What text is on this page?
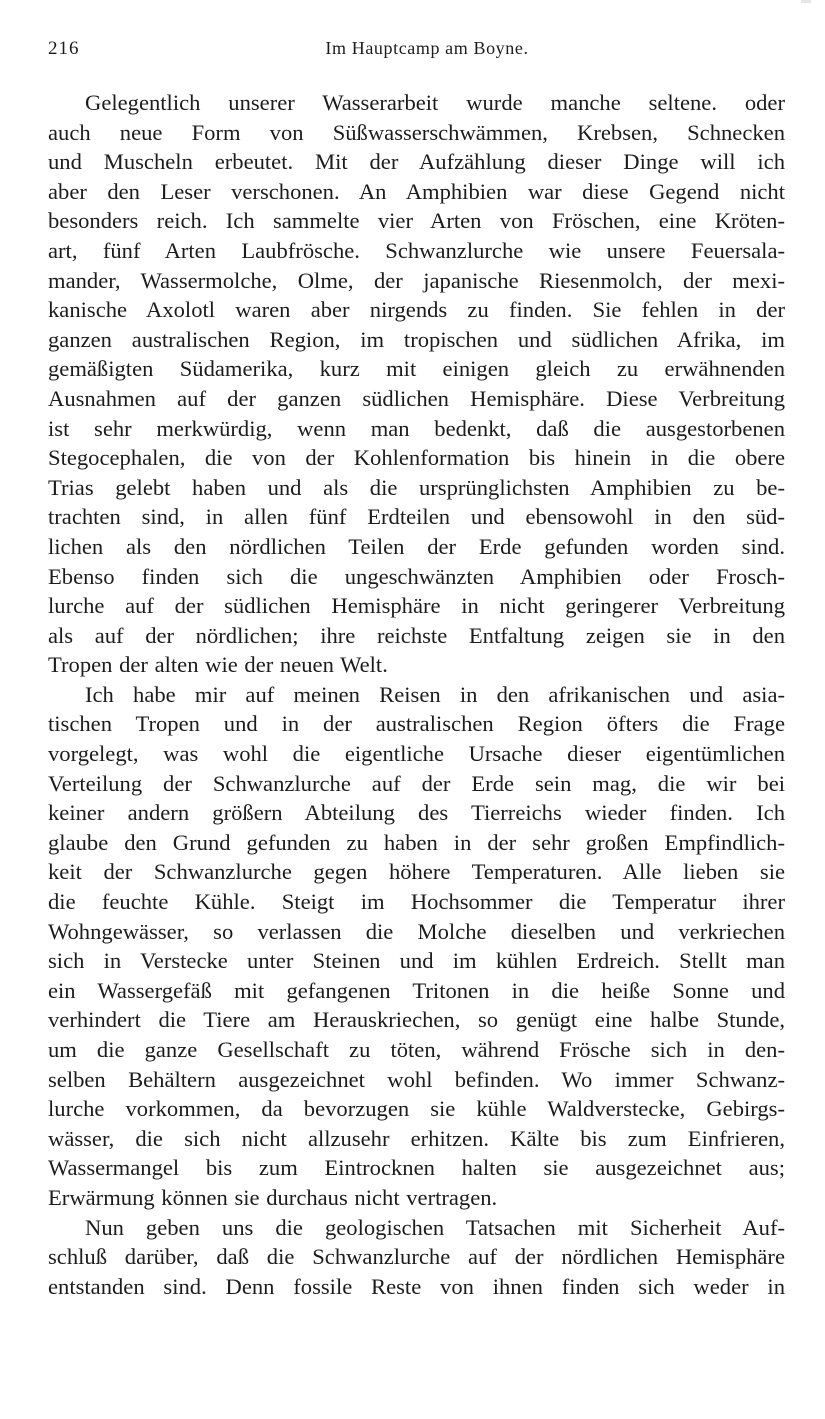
216	Im Hauptcamp am Boyne.

Gelegentlich unserer Wasserarbeit wurde manche seltene. oder
auch neue Form von Süßwasserschwämmen, Krebsen, Schnecken
und Muscheln erbeutet. Mit der Aufzählung dieser Dinge will ich
aber den Leser verschonen. An Amphibien war diese Gegend nicht
besonders reich. Ich sammelte vier Arten von Fröschen, eine Kröten-
art, fünf Arten Laubfrösche. Schwanzlurche wie unsere Feuersala-
mander, Wassermolche, Olme, der japanische Riesenmolch, der mexi-
kanische Axolotl waren aber nirgends zu finden. Sie fehlen in der
ganzen australischen Region, im tropischen und südlichen Afrika, im
gemäßigten Südamerika, kurz mit einigen gleich zu erwähnenden
Ausnahmen auf der ganzen südlichen Hemisphäre. Diese Verbreitung
ist sehr merkwürdig, wenn man bedenkt, daß die ausgestorbenen
Stegocephalen, die von der Kohlenformation bis hinein in die obere
Trias gelebt haben und als die ursprünglichsten Amphibien zu be-
trachten sind, in allen fünf Erdteilen und ebensowohl in den süd-
lichen als den nördlichen Teilen der Erde gefunden worden sind.
Ebenso finden sich die ungeschwänzten Amphibien oder Frosch-
lurche auf der südlichen Hemisphäre in nicht geringerer Verbreitung
als auf der nördlichen; ihre reichste Entfaltung zeigen sie in den
Tropen der alten wie der neuen Welt.

Ich habe mir auf meinen Reisen in den afrikanischen und asia-
tischen Tropen und in der australischen Region öfters die Frage
vorgelegt, was wohl die eigentliche Ursache dieser eigentümlichen
Verteilung der Schwanzlurche auf der Erde sein mag, die wir bei
keiner andern größern Abteilung des Tierreichs wieder finden. Ich
glaube den Grund gefunden zu haben in der sehr großen Empfindlich-
keit der Schwanzlurche gegen höhere Temperaturen. Alle lieben sie
die feuchte Kühle. Steigt im Hochsommer die Temperatur ihrer
Wohngewässer, so verlassen die Molche dieselben und verkriechen
sich in Verstecke unter Steinen und im kühlen Erdreich. Stellt man
ein Wassergefäß mit gefangenen Tritonen in die heiße Sonne und
verhindert die Tiere am Herauskriechen, so genügt eine halbe Stunde,
um die ganze Gesellschaft zu töten, während Frösche sich in den-
selben Behältern ausgezeichnet wohl befinden. Wo immer Schwanz-
lurche vorkommen, da bevorzugen sie kühle Waldverstecke, Gebirgs-
wässer, die sich nicht allzusehr erhitzen. Kälte bis zum Einfrieren,
Wassermangel bis zum Eintrocknen halten sie ausgezeichnet aus;
Erwärmung können sie durchaus nicht vertragen.

Nun geben uns die geologischen Tatsachen mit Sicherheit Auf-
schluß darüber, daß die Schwanzlurche auf der nördlichen Hemisphäre
entstanden sind. Denn fossile Reste von ihnen finden sich weder in
